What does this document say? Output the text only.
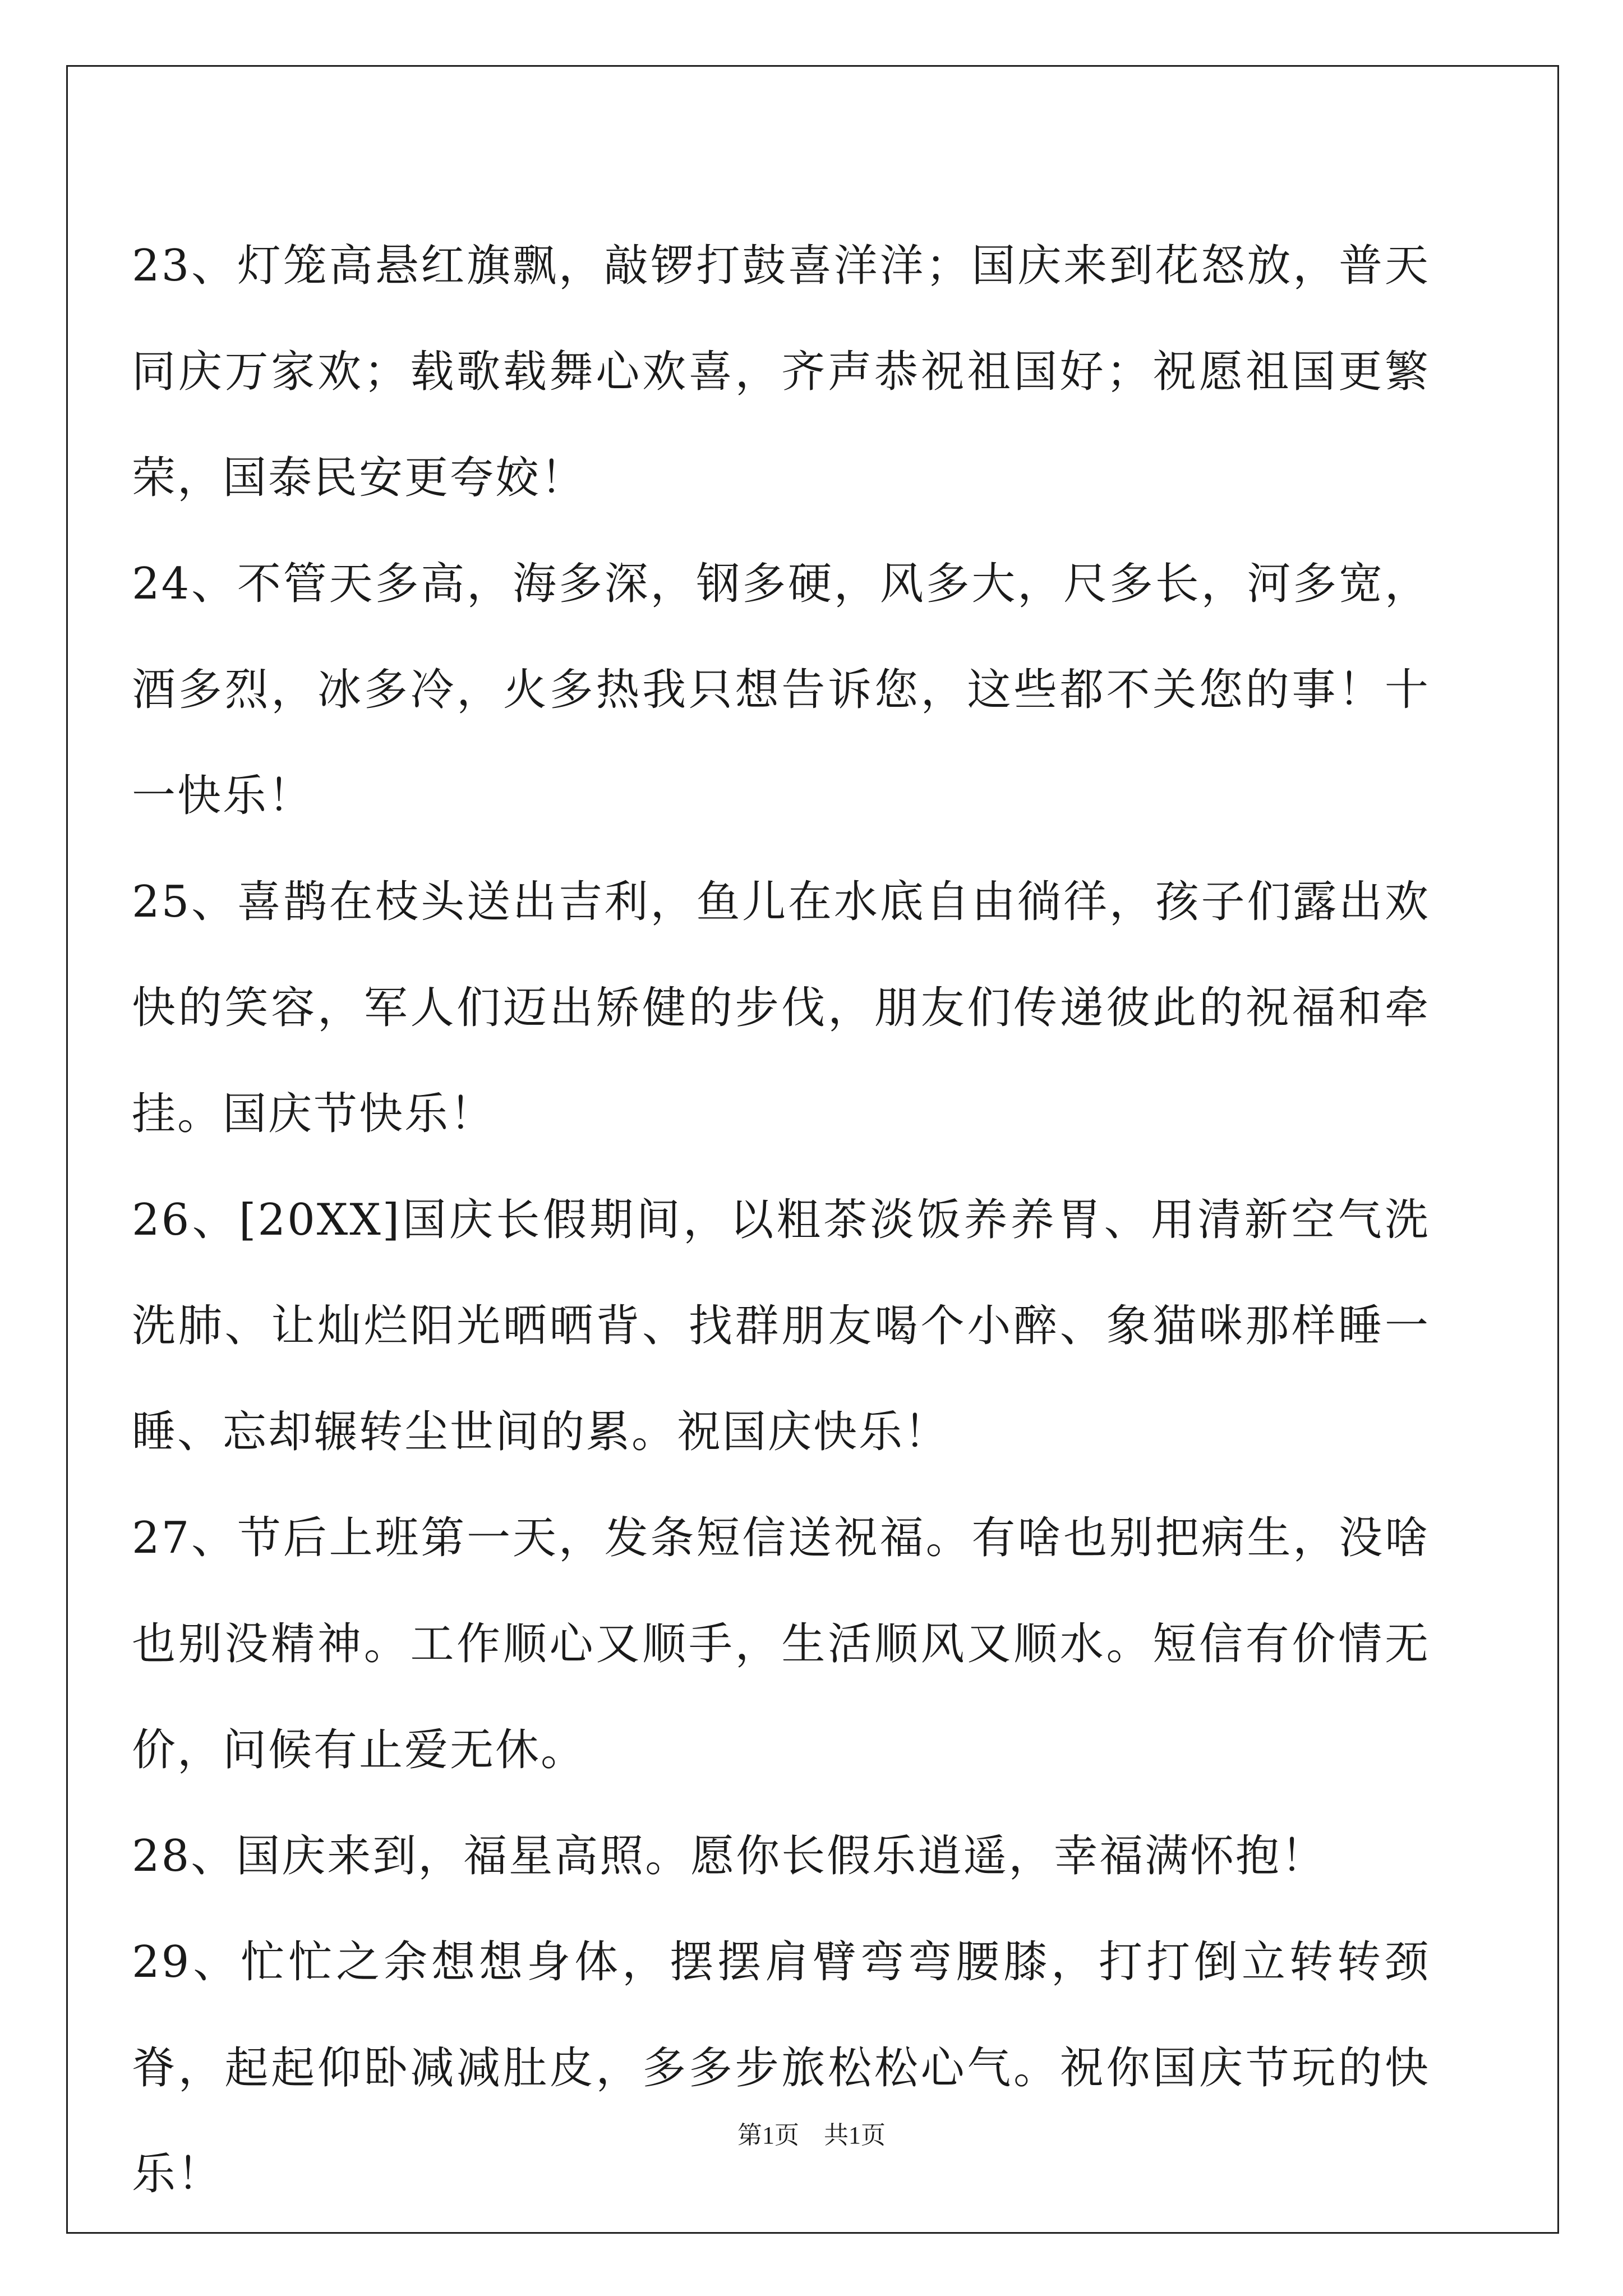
23、灯笼高悬红旗飘，敲锣打鼓喜洋洋；国庆来到花怒放，普天同庆万家欢；载歌载舞心欢喜，齐声恭祝祖国好；祝愿祖国更繁荣，国泰民安更夸姣！

24、不管天多高，海多深，钢多硬，风多大，尺多长，河多宽，酒多烈，冰多冷，火多热我只想告诉您，这些都不关您的事！十一快乐！

25、喜鹊在枝头送出吉利，鱼儿在水底自由徜徉，孩子们露出欢快的笑容，军人们迈出矫健的步伐，朋友们传递彼此的祝福和牵挂。国庆节快乐！

26、[20XX]国庆长假期间，以粗茶淡饭养养胃、用清新空气洗洗肺、让灿烂阳光晒晒背、找群朋友喝个小醉、象猫咪那样睡一睡、忘却辗转尘世间的累。祝国庆快乐！

27、节后上班第一天，发条短信送祝福。有啥也别把病生，没啥也别没精神。工作顺心又顺手，生活顺风又顺水。短信有价情无价，问候有止爱无休。

28、国庆来到，福星高照。愿你长假乐逍遥，幸福满怀抱！

29、忙忙之余想想身体，摆摆肩臂弯弯腰膝，打打倒立转转颈脊，起起仰卧减减肚皮，多多步旅松松心气。祝你国庆节玩的快乐！

第1页 共1页
